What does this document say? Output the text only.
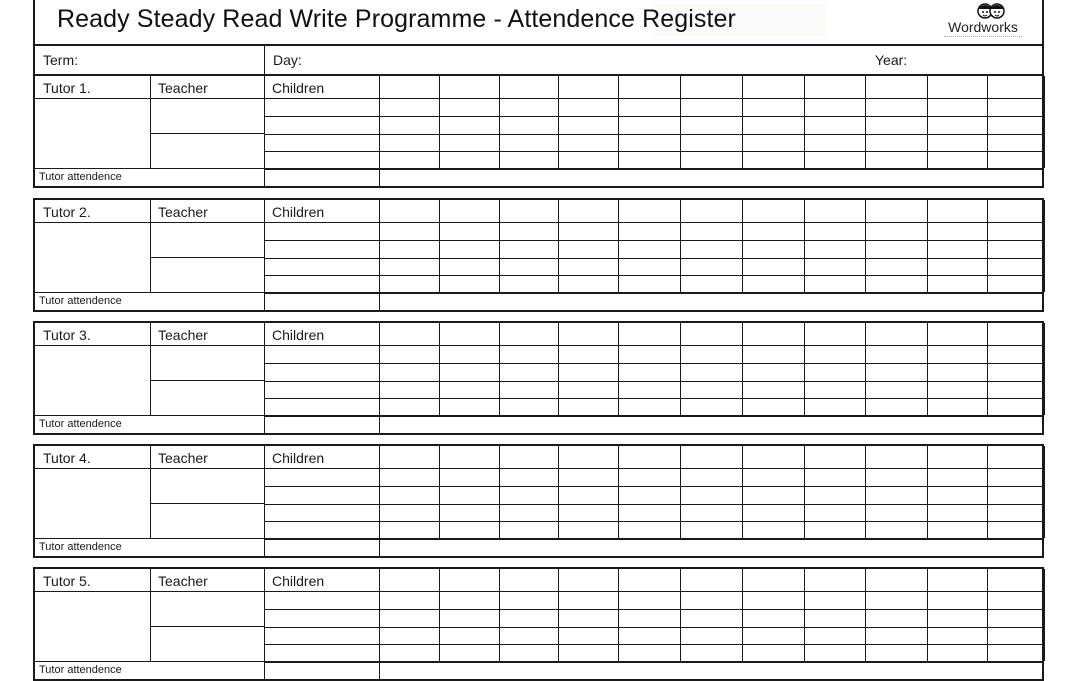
Ready Steady Read Write Programme - Attendence Register	Wordworks
Term:	Day:	Year:
Tutor 1.	Teacher	Children
Tutor attendence
Tutor 2.	Teacher	Children
Tutor attendence
Tutor 3.	Teacher	Children
Tutor attendence
Tutor 4.	Teacher	Children
Tutor attendence
Tutor 5.	Teacher	Children
Tutor attendence
